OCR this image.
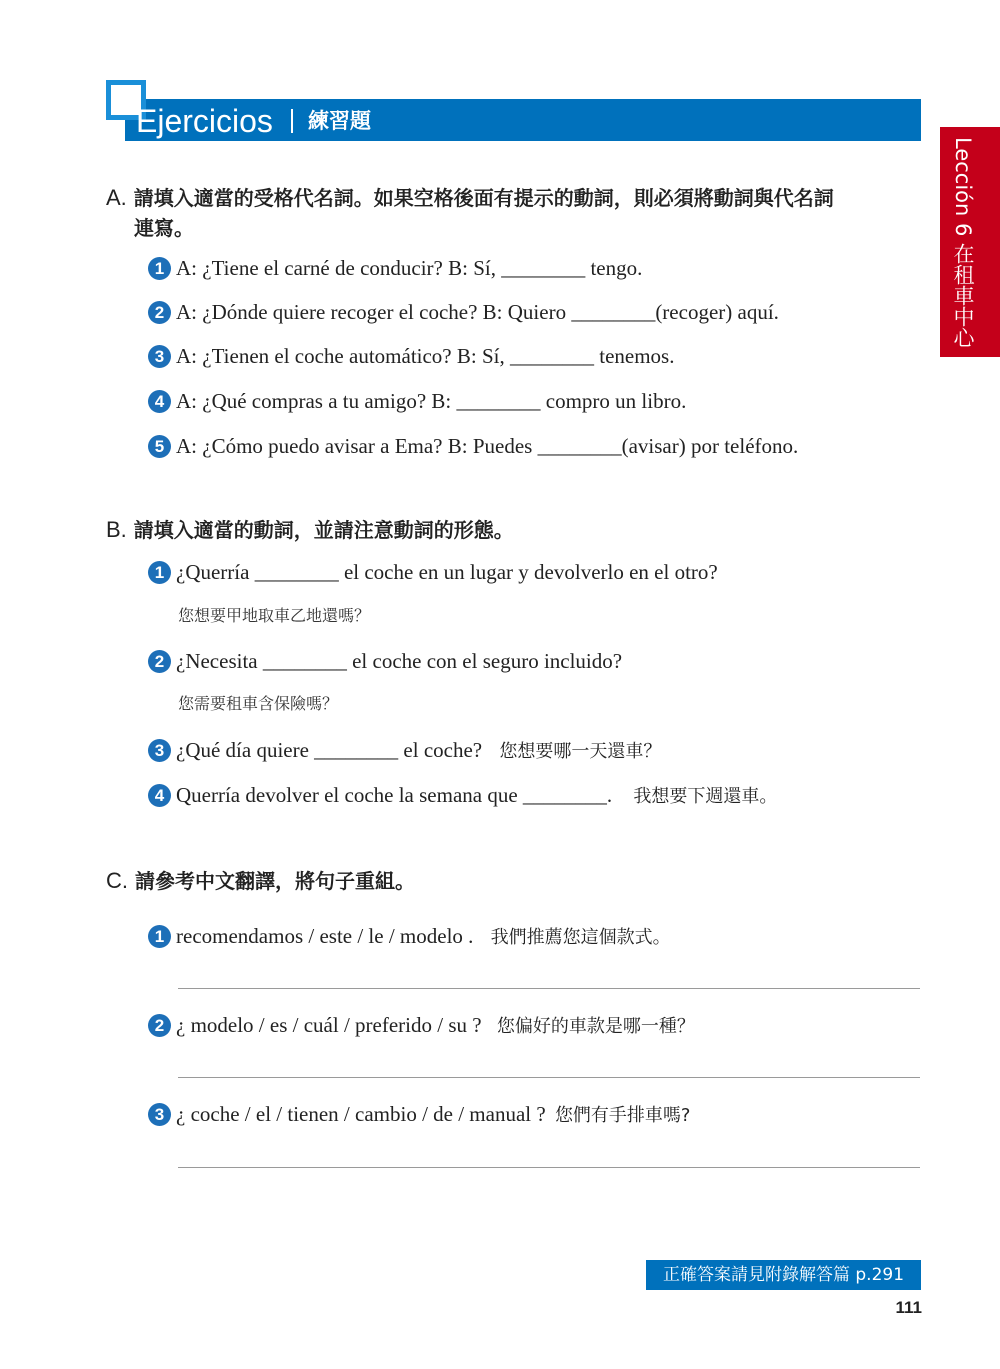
Ejercicios 練習題
Lección 6 在租車中心
A. 請填入適當的受格代名詞。如果空格後面有提示的動詞，則必須將動詞與代名詞
連寫。
1 A: ¿Tiene el carné de conducir? B: Sí, ________ tengo.
2 A: ¿Dónde quiere recoger el coche? B: Quiero ________(recoger) aquí.
3 A: ¿Tienen el coche automático? B: Sí, ________ tenemos.
4 A: ¿Qué compras a tu amigo? B: ________ compro un libro.
5 A: ¿Cómo puedo avisar a Ema? B: Puedes ________(avisar) por teléfono.
B. 請填入適當的動詞，並請注意動詞的形態。
1 ¿Querría ________ el coche en un lugar y devolverlo en el otro?
您想要甲地取車乙地還嗎？
2 ¿Necesita ________ el coche con el seguro incluido?
您需要租車含保險嗎？
3 ¿Qué día quiere ________ el coche? 您想要哪一天還車？
4 Querría devolver el coche la semana que ________. 我想要下週還車。
C. 請參考中文翻譯，將句子重組。
1 recomendamos / este / le / modelo . 我們推薦您這個款式。
2 ¿ modelo / es / cuál / preferido / su ? 您偏好的車款是哪一種？
3 ¿ coche / el / tienen / cambio / de / manual ? 您們有手排車嗎?
正確答案請見附錄解答篇 p.291
111
